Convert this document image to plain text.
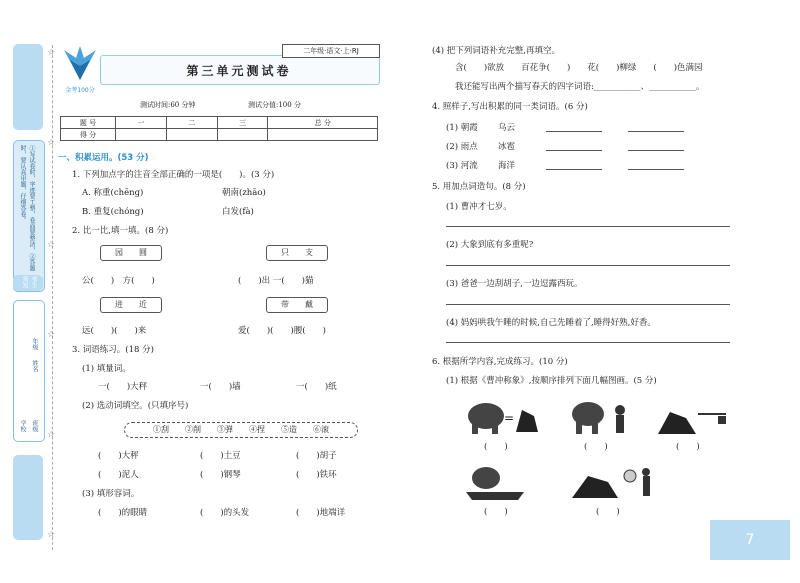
①写试卷时，字迹要工整，卷面要整洁，②答题时，要认真审题，仔细答卷。
考生须知
年级
姓名
学校 班级
☆
☆
☆
☆
☆
☆
金考100分
二年级·语文·上·RJ
第三单元测试卷
测试时间:60 分钟	测试分值:100 分
题 号	一	二	三	总 分
得 分				
一、积累运用。(53 分)
1. 下列加点字的注音全部正确的一项是(　　)。(3 分)
A. 称重(chēng)	朝南(zhāo)
B. 重复(chóng)	白发(fà)
2. 比一比,填一填。(8 分)
园　　圆	只　　支
公(　　)　方(　　)	(　　)出 一(　　)猫
进　　近	带　　戴
远(　　)(　　)来	爱(　　)(　　)腰(　　)
3. 词语练习。(18 分)
(1) 填量词。
一(　　)大秤	一(　　)墙	一(　　)纸
(2) 选动词填空。(只填序号)
①刮　　②削　　③弹　　④捏　　⑤造　　⑥滚
(　　)大秤	(　　)土豆	(　　)胡子
(　　)泥人	(　　)钢琴	(　　)铁环
(3) 填形容词。
(　　)的眼睛	(　　)的头发	(　　)地端详
(4) 把下列词语补充完整,再填空。
含(　　)欲放　　百花争(　　)　　花(　　)柳绿　　(　　)色满园
我还能写出两个描写春天的四字词语:___________、___________。
4. 照样子,写出积累的同一类词语。(6 分)
(1) 朝霞 乌云
(2) 雨点 冰雹
(3) 河流 海洋
5. 用加点词造句。(8 分)
(1) 曹冲才七岁。
(2) 大象到底有多重呢?
(3) 爸爸一边刮胡子,一边逗露西玩。
(4) 妈妈哄我午睡的时候,自己先睡着了,睡得好熟,好香。
6. 根据所学内容,完成练习。(10 分)
(1) 根据《曹冲称象》,按顺序排列下面几幅图画。(5 分)
=
(　　)	(　　)	(　　)
(　　)	(　　)
7
